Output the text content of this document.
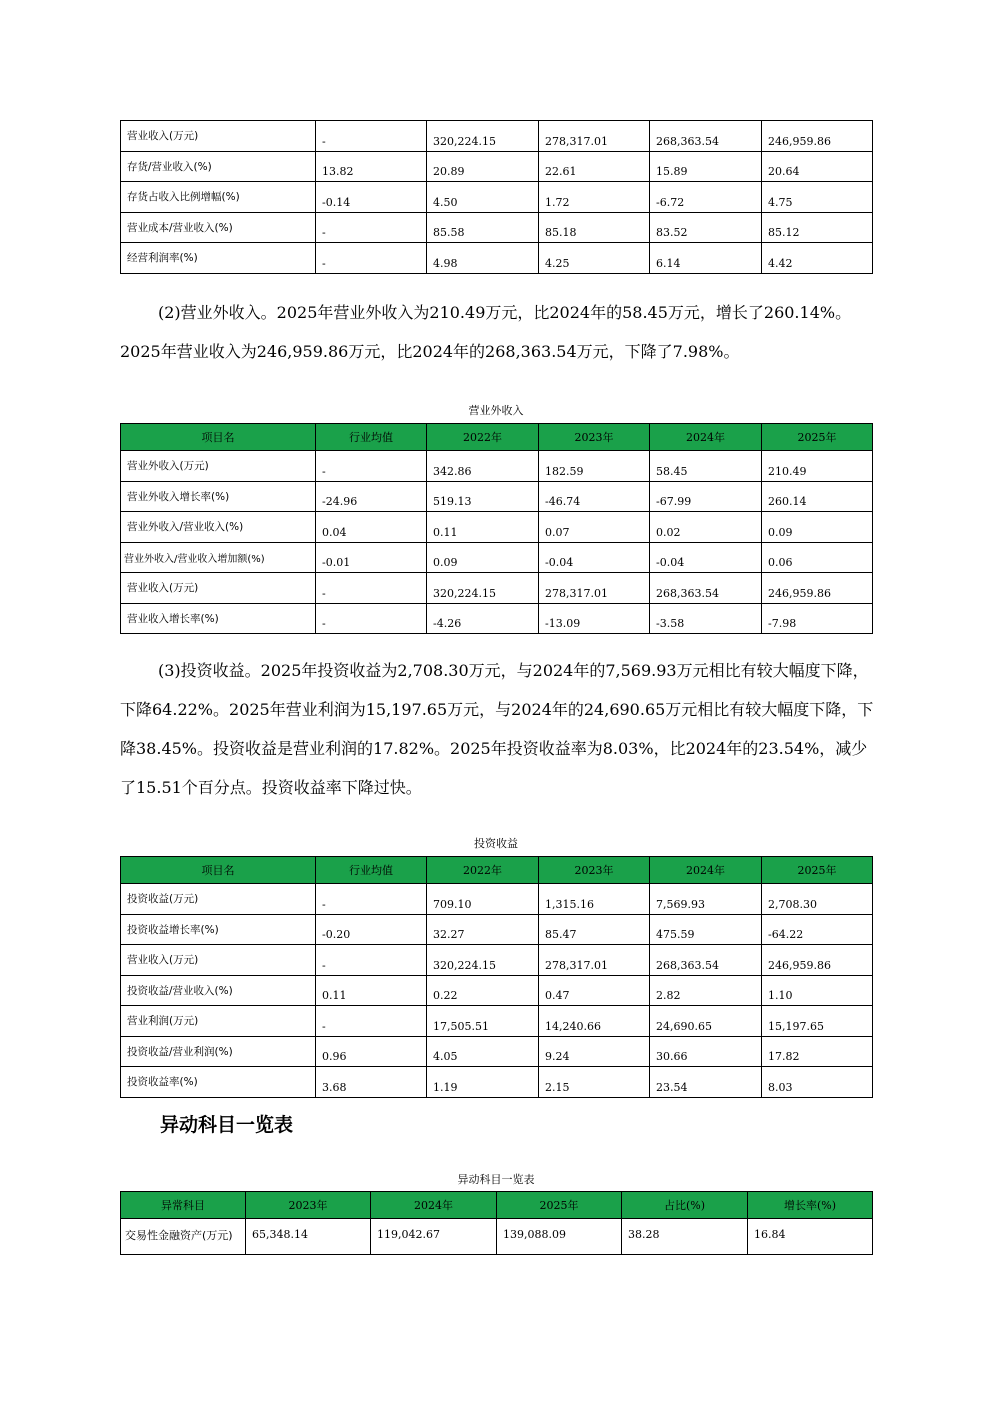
营业收入(万元)	-	320,224.15	278,317.01	268,363.54	246,959.86
存货/营业收入(%)	13.82	20.89	22.61	15.89	20.64
存货占收入比例增幅(%)	-0.14	4.50	1.72	-6.72	4.75
营业成本/营业收入(%)	-	85.58	85.18	83.52	85.12
经营利润率(%)	-	4.98	4.25	6.14	4.42

(2)营业外收入。2025年营业外收入为210.49万元，比2024年的58.45万元，增长了260.14%。2025年营业收入为246,959.86万元，比2024年的268,363.54万元，下降了7.98%。

营业外收入
项目名	行业均值	2022年	2023年	2024年	2025年
营业外收入(万元)	-	342.86	182.59	58.45	210.49
营业外收入增长率(%)	-24.96	519.13	-46.74	-67.99	260.14
营业外收入/营业收入(%)	0.04	0.11	0.07	0.02	0.09
营业外收入/营业收入增加额(%)	-0.01	0.09	-0.04	-0.04	0.06
营业收入(万元)	-	320,224.15	278,317.01	268,363.54	246,959.86
营业收入增长率(%)	-	-4.26	-13.09	-3.58	-7.98

(3)投资收益。2025年投资收益为2,708.30万元，与2024年的7,569.93万元相比有较大幅度下降，下降64.22%。2025年营业利润为15,197.65万元，与2024年的24,690.65万元相比有较大幅度下降，下降38.45%。投资收益是营业利润的17.82%。2025年投资收益率为8.03%，比2024年的23.54%，减少了15.51个百分点。投资收益率下降过快。

投资收益
项目名	行业均值	2022年	2023年	2024年	2025年
投资收益(万元)	-	709.10	1,315.16	7,569.93	2,708.30
投资收益增长率(%)	-0.20	32.27	85.47	475.59	-64.22
营业收入(万元)	-	320,224.15	278,317.01	268,363.54	246,959.86
投资收益/营业收入(%)	0.11	0.22	0.47	2.82	1.10
营业利润(万元)	-	17,505.51	14,240.66	24,690.65	15,197.65
投资收益/营业利润(%)	0.96	4.05	9.24	30.66	17.82
投资收益率(%)	3.68	1.19	2.15	23.54	8.03
异动科目一览表
异动科目一览表
异常科目	2023年	2024年	2025年	占比(%)	增长率(%)
交易性金融资产(万元)	65,348.14	119,042.67	139,088.09	38.28	16.84
